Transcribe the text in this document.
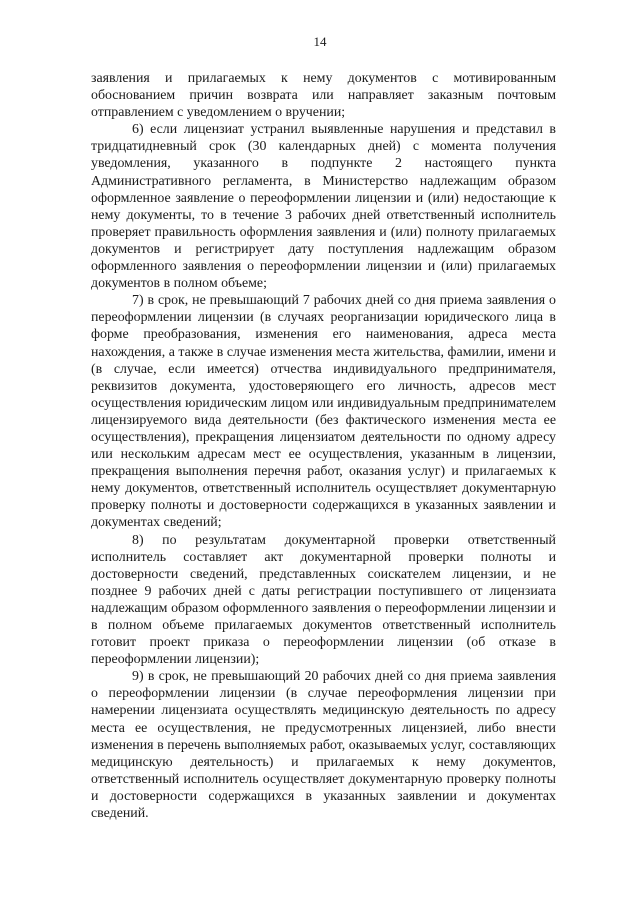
14

заявления и прилагаемых к нему документов с мотивированным обоснованием причин возврата или направляет заказным почтовым отправлением с уведомлением о вручении;

6) если лицензиат устранил выявленные нарушения и представил в тридцатидневный срок (30 календарных дней) с момента получения уведомления, указанного в подпункте 2 настоящего пункта Административного регламента, в Министерство надлежащим образом оформленное заявление о переоформлении лицензии и (или) недостающие к нему документы, то в течение 3 рабочих дней ответственный исполнитель проверяет правильность оформления заявления и (или) полноту прилагаемых документов и регистрирует дату поступления надлежащим образом оформленного заявления о переоформлении лицензии и (или) прилагаемых документов в полном объеме;

7) в срок, не превышающий 7 рабочих дней со дня приема заявления о переоформлении лицензии (в случаях реорганизации юридического лица в форме преобразования, изменения его наименования, адреса места нахождения, а также в случае изменения места жительства, фамилии, имени и (в случае, если имеется) отчества индивидуального предпринимателя, реквизитов документа, удостоверяющего его личность, адресов мест осуществления юридическим лицом или индивидуальным предпринимателем лицензируемого вида деятельности (без фактического изменения места ее осуществления), прекращения лицензиатом деятельности по одному адресу или нескольким адресам мест ее осуществления, указанным в лицензии, прекращения выполнения перечня работ, оказания услуг) и прилагаемых к нему документов, ответственный исполнитель осуществляет документарную проверку полноты и достоверности содержащихся в указанных заявлении и документах сведений;

8) по результатам документарной проверки ответственный исполнитель составляет акт документарной проверки полноты и достоверности сведений, представленных соискателем лицензии, и не позднее 9 рабочих дней с даты регистрации поступившего от лицензиата надлежащим образом оформленного заявления о переоформлении лицензии и в полном объеме прилагаемых документов ответственный исполнитель готовит проект приказа о переоформлении лицензии (об отказе в переоформлении лицензии);

9) в срок, не превышающий 20 рабочих дней со дня приема заявления о переоформлении лицензии (в случае переоформления лицензии при намерении лицензиата осуществлять медицинскую деятельность по адресу места ее осуществления, не предусмотренных лицензией, либо внести изменения в перечень выполняемых работ, оказываемых услуг, составляющих медицинскую деятельность) и прилагаемых к нему документов, ответственный исполнитель осуществляет документарную проверку полноты и достоверности содержащихся в указанных заявлении и документах сведений.
